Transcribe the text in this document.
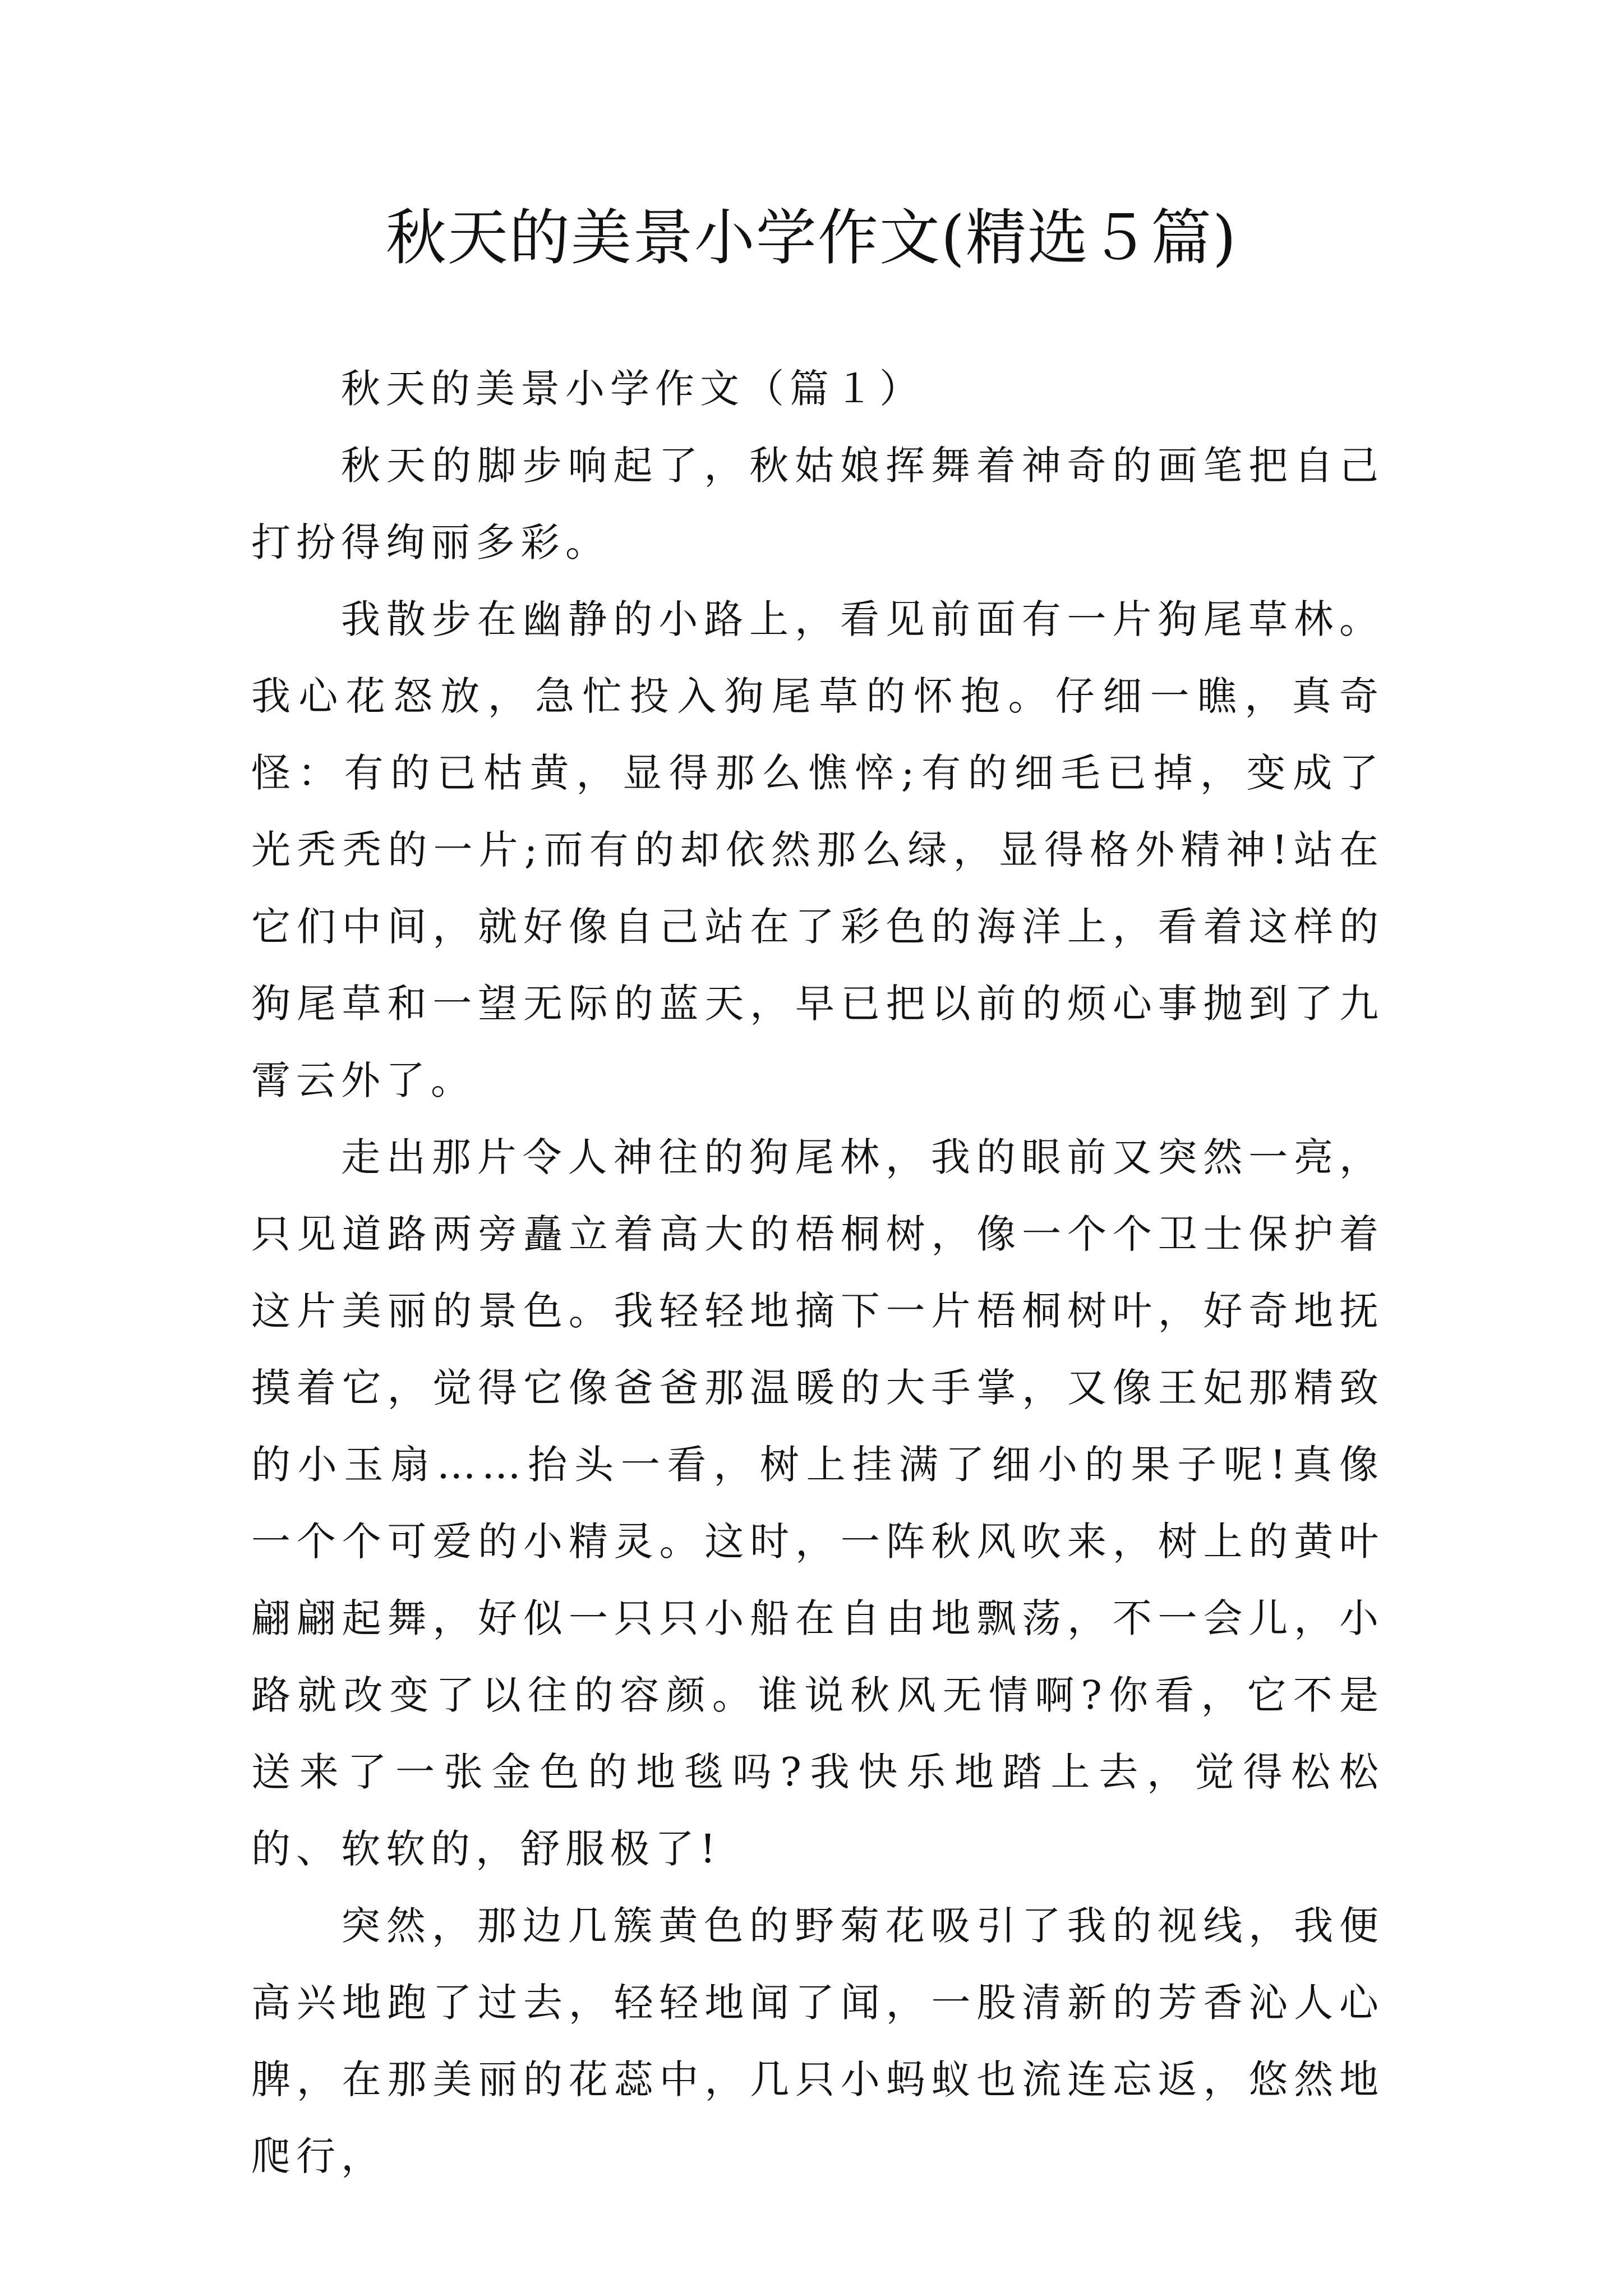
秋天的美景小学作文(精选５篇)
秋天的美景小学作文（篇１）

秋天的脚步响起了，秋姑娘挥舞着神奇的画笔把自己打扮得绚丽多彩。

我散步在幽静的小路上，看见前面有一片狗尾草林。我心花怒放，急忙投入狗尾草的怀抱。仔细一瞧，真奇怪：有的已枯黄，显得那么憔悴;有的细毛已掉，变成了光秃秃的一片;而有的却依然那么绿，显得格外精神!站在它们中间，就好像自己站在了彩色的海洋上，看着这样的狗尾草和一望无际的蓝天，早已把以前的烦心事抛到了九霄云外了。

走出那片令人神往的狗尾林，我的眼前又突然一亮，只见道路两旁矗立着高大的梧桐树，像一个个卫士保护着这片美丽的景色。我轻轻地摘下一片梧桐树叶，好奇地抚摸着它，觉得它像爸爸那温暖的大手掌，又像王妃那精致的小玉扇……抬头一看，树上挂满了细小的果子呢!真像一个个可爱的小精灵。这时，一阵秋风吹来，树上的黄叶翩翩起舞，好似一只只小船在自由地飘荡，不一会儿，小路就改变了以往的容颜。谁说秋风无情啊?你看，它不是送来了一张金色的地毯吗?我快乐地踏上去，觉得松松的、软软的，舒服极了!

突然，那边几簇黄色的野菊花吸引了我的视线，我便高兴地跑了过去，轻轻地闻了闻，一股清新的芳香沁人心脾，在那美丽的花蕊中，几只小蚂蚁也流连忘返，悠然地爬行，
